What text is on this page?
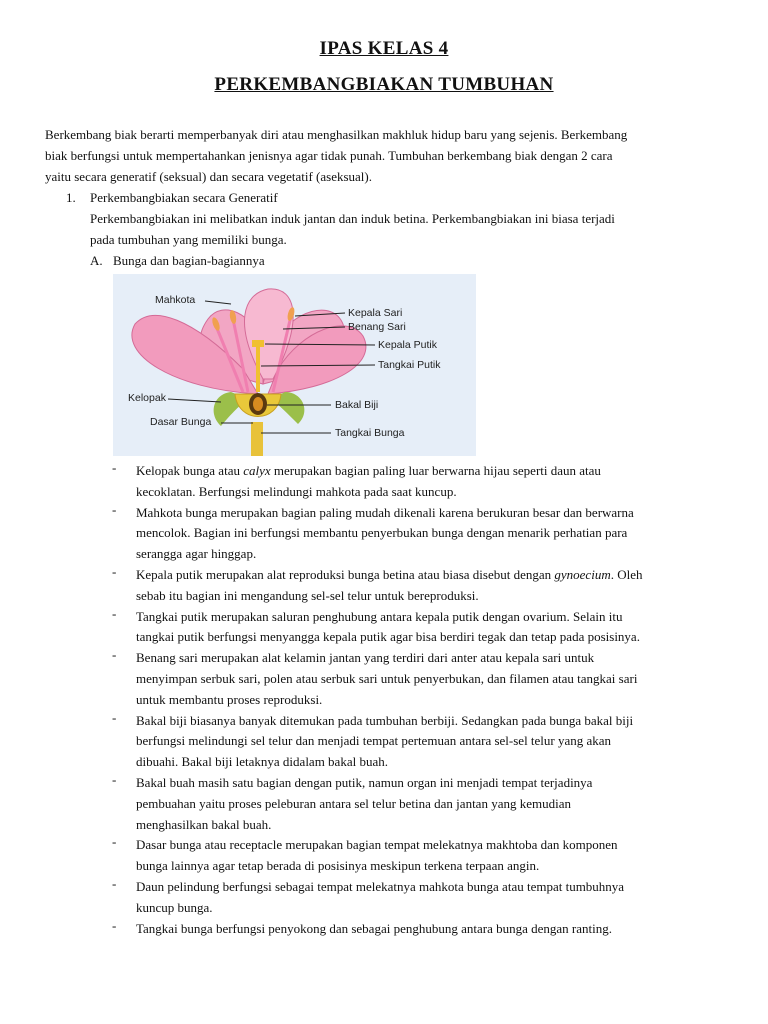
IPAS KELAS 4
PERKEMBANGBIAKAN TUMBUHAN
Berkembang biak berarti memperbanyak diri atau menghasilkan makhluk hidup baru yang sejenis. Berkembang
biak berfungsi untuk mempertahankan jenisnya agar tidak punah. Tumbuhan berkembang biak dengan 2 cara
yaitu secara generatif (seksual) dan secara vegetatif (aseksual).
1. Perkembangbiakan secara Generatif
Perkembangbiakan ini melibatkan induk jantan dan induk betina. Perkembangbiakan ini biasa terjadi
pada tumbuhan yang memiliki bunga.
A. Bunga dan bagian-bagiannya
Mahkota
Kepala Sari
Benang Sari
Kepala Putik
Tangkai Putik
Kelopak
Bakal Biji
Dasar Bunga
Tangkai Bunga
- Kelopak bunga atau calyx merupakan bagian paling luar berwarna hijau seperti daun atau
kecoklatan. Berfungsi melindungi mahkota pada saat kuncup.
- Mahkota bunga merupakan bagian paling mudah dikenali karena berukuran besar dan berwarna
mencolok. Bagian ini berfungsi membantu penyerbukan bunga dengan menarik perhatian para
serangga agar hinggap.
- Kepala putik merupakan alat reproduksi bunga betina atau biasa disebut dengan gynoecium. Oleh
sebab itu bagian ini mengandung sel-sel telur untuk bereproduksi.
- Tangkai putik merupakan saluran penghubung antara kepala putik dengan ovarium. Selain itu
tangkai putik berfungsi menyangga kepala putik agar bisa berdiri tegak dan tetap pada posisinya.
- Benang sari merupakan alat kelamin jantan yang terdiri dari anter atau kepala sari untuk
menyimpan serbuk sari, polen atau serbuk sari untuk penyerbukan, dan filamen atau tangkai sari
untuk membantu proses reproduksi.
- Bakal biji biasanya banyak ditemukan pada tumbuhan berbiji. Sedangkan pada bunga bakal biji
berfungsi melindungi sel telur dan menjadi tempat pertemuan antara sel-sel telur yang akan
dibuahi. Bakal biji letaknya didalam bakal buah.
- Bakal buah masih satu bagian dengan putik, namun organ ini menjadi tempat terjadinya
pembuahan yaitu proses peleburan antara sel telur betina dan jantan yang kemudian
menghasilkan bakal buah.
- Dasar bunga atau receptacle merupakan bagian tempat melekatnya makhtoba dan komponen
bunga lainnya agar tetap berada di posisinya meskipun terkena terpaan angin.
- Daun pelindung berfungsi sebagai tempat melekatnya mahkota bunga atau tempat tumbuhnya
kuncup bunga.
- Tangkai bunga berfungsi penyokong dan sebagai penghubung antara bunga dengan ranting.
